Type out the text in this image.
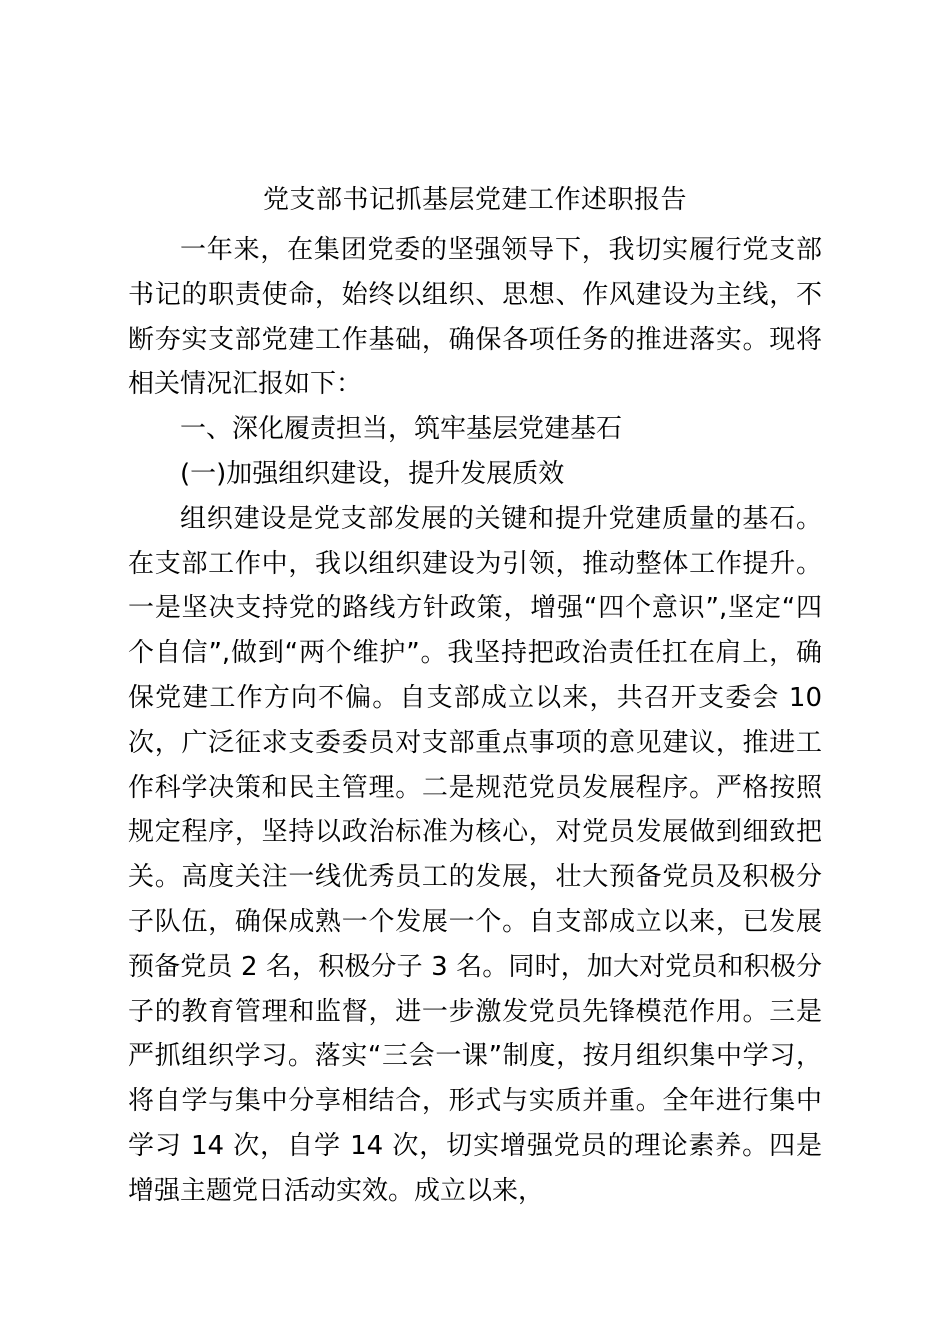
党支部书记抓基层党建工作述职报告

一年来，在集团党委的坚强领导下，我切实履行党支部书记的职责使命，始终以组织、思想、作风建设为主线，不断夯实支部党建工作基础，确保各项任务的推进落实。现将相关情况汇报如下：

一、深化履责担当，筑牢基层党建基石

(一)加强组织建设，提升发展质效

组织建设是党支部发展的关键和提升党建质量的基石。在支部工作中，我以组织建设为引领，推动整体工作提升。一是坚决支持党的路线方针政策，增强“四个意识”,坚定“四个自信”,做到“两个维护”。我坚持把政治责任扛在肩上，确保党建工作方向不偏。自支部成立以来，共召开支委会 10 次，广泛征求支委委员对支部重点事项的意见建议，推进工作科学决策和民主管理。二是规范党员发展程序。严格按照规定程序，坚持以政治标准为核心，对党员发展做到细致把关。高度关注一线优秀员工的发展，壮大预备党员及积极分子队伍，确保成熟一个发展一个。自支部成立以来，已发展预备党员 2 名，积极分子 3 名。同时，加大对党员和积极分子的教育管理和监督，进一步激发党员先锋模范作用。三是严抓组织学习。落实“三会一课”制度，按月组织集中学习，将自学与集中分享相结合，形式与实质并重。全年进行集中学习 14 次，自学 14 次，切实增强党员的理论素养。四是增强主题党日活动实效。成立以来，
